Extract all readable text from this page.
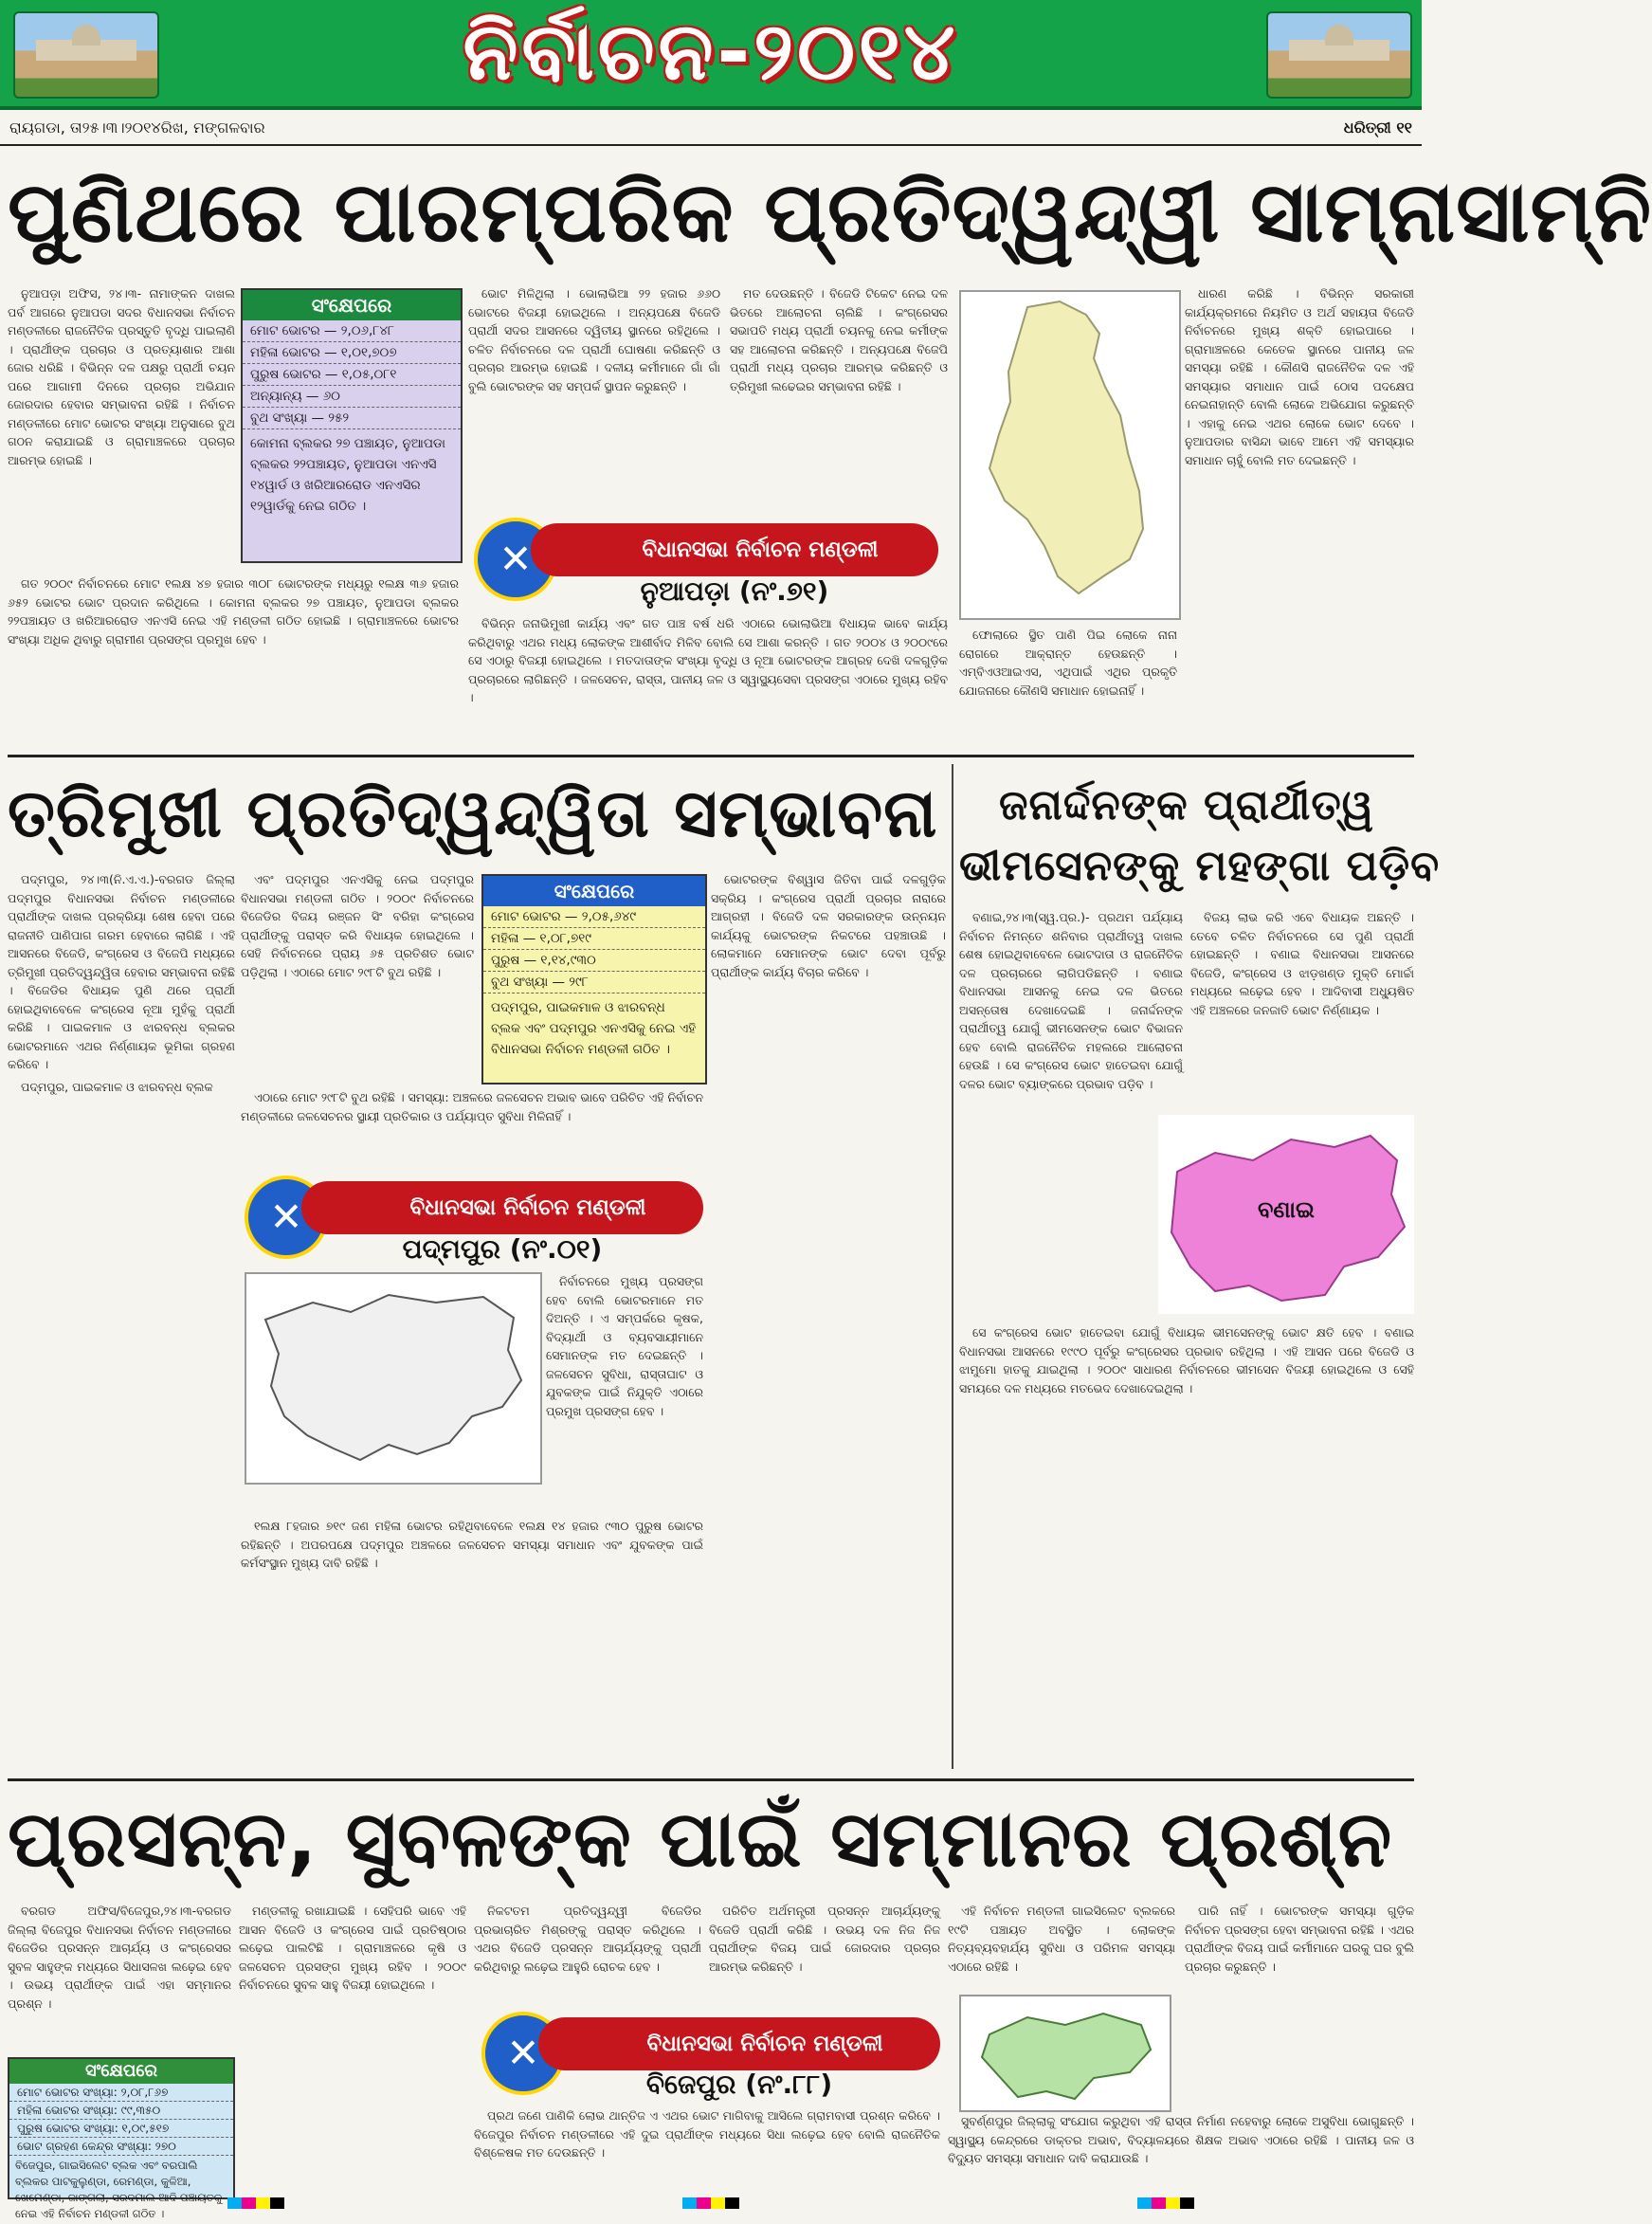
ନିର୍ବାଚନ-୨୦୧୪
ରାୟଗଡା, ତା୨୫।୩।୨୦୧୪ରିଖ, ମଙ୍ଗଳବାର	ଧରିତ୍ରୀ ୧୧
ପୁଣିଥରେ ପାରମ୍ପରିକ ପ୍ରତିଦ୍ୱନ୍ଦ୍ୱୀ ସାମ୍ନାସାମ୍ନି

ନୁଆପଡ଼ା ଅଫିସ, ୨୪।୩- ନାମାଙ୍କନ ଦାଖଲ ପର୍ବ ଆଗରେ ନୁଆପଡା ସଦର ବିଧାନସଭା ନିର୍ବାଚନ ମଣ୍ଡଳୀରେ ରାଜନୈତିକ ପ୍ରସ୍ତୁତି ବୃଦ୍ଧି ପାଇଲାଣି । ପ୍ରାର୍ଥୀଙ୍କ ପ୍ରଚାର ଓ ପ୍ରତ୍ୟାଶାର ଆଶା ଜୋର ଧରିଛି । ବିଭିନ୍ନ ଦଳ ପକ୍ଷରୁ ପ୍ରାର୍ଥୀ ଚୟନ ପରେ ଆଗାମୀ ଦିନରେ ପ୍ରଚାର ଅଭିଯାନ ଜୋରଦାର ହେବାର ସମ୍ଭାବନା ରହିଛି । ନିର୍ବାଚନ ମଣ୍ଡଳୀରେ ମୋଟ ଭୋଟର ସଂଖ୍ୟା ଅନୁସାରେ ବୁଥ ଗଠନ କରାଯାଇଛି ଓ ଗ୍ରାମାଞ୍ଚଳରେ ପ୍ରଚାର ଆରମ୍ଭ ହୋଇଛି ।

ସଂକ୍ଷେପରେ
ମୋଟ ଭୋଟର — ୨,୦୬,୮୪୮
ମହିଳା ଭୋଟର — ୧,୦୧,୭୦୭
ପୁରୁଷ ଭୋଟର — ୧,୦୫,୦୮୧
ଅନ୍ୟାନ୍ୟ — ୬୦
ବୁଥ ସଂଖ୍ୟା — ୨୫୨
କୋମନା ବ୍ଲକର ୨୭ ପଞ୍ଚାୟତ, ନୁଆପଡା ବ୍ଲକର ୨୨ପଞ୍ଚାୟତ, ନୁଆପଡା ଏନଏସି ୧୪ୱାର୍ଡ ଓ ଖରିଆରରୋଡ ଏନଏସିର ୧୨ୱାର୍ଡକୁ ନେଇ ଗଠିତ ।

ଗତ ୨୦୦୯ ନିର୍ବାଚନରେ ମୋଟ ୧ଲକ୍ଷ ୪୭ ହଜାର ୩୦୮ ଭୋଟରଙ୍କ ମଧ୍ୟରୁ ୧ଲକ୍ଷ ୩୬ ହଜାର ୬୫୨ ଭୋଟର ଭୋଟ ପ୍ରଦାନ କରିଥିଲେ । କୋମନା ବ୍ଲକର ୨୭ ପଞ୍ଚାୟତ, ନୁଆପଡା ବ୍ଲକର ୨୨ପଞ୍ଚାୟତ ଓ ଖରିଆରରୋଡ ଏନଏସି ନେଇ ଏହି ମଣ୍ଡଳୀ ଗଠିତ ହୋଇଛି । ଗ୍ରାମାଞ୍ଚଳରେ ଭୋଟର ସଂଖ୍ୟା ଅଧିକ ଥିବାରୁ ଗ୍ରାମୀଣ ପ୍ରସଙ୍ଗ ପ୍ରମୁଖ ହେବ ।

ଭୋଟ ମିଳିଥିଲା । ଭୋଲାଭିଆ ୨୨ ହଜାର ୬୬୦ ଭୋଟରେ ବିଜୟୀ ହୋଇଥିଲେ । ଅନ୍ୟପକ୍ଷେ ବିଜେଡି ପ୍ରାର୍ଥୀ ସଦର ଆସନରେ ଦ୍ୱିତୀୟ ସ୍ଥାନରେ ରହିଥିଲେ । ଚଳିତ ନିର୍ବାଚନରେ ଦଳ ପ୍ରାର୍ଥୀ ଘୋଷଣା କରିଛନ୍ତି ଓ ପ୍ରଚାର ଆରମ୍ଭ ହୋଇଛି । ଦଳୀୟ କର୍ମୀମାନେ ଗାଁ ଗାଁ ବୁଲି ଭୋଟରଙ୍କ ସହ ସମ୍ପର୍କ ସ୍ଥାପନ କରୁଛନ୍ତି ।

ମତ ଦେଉଛନ୍ତି । ବିଜେଡି ଟିକେଟ ନେଇ ଦଳ ଭିତରେ ଆଲୋଚନା ଚାଲିଛି । କଂଗ୍ରେସର ସଭାପତି ମଧ୍ୟ ପ୍ରାର୍ଥୀ ଚୟନକୁ ନେଇ କର୍ମୀଙ୍କ ସହ ଆଲୋଚନା କରିଛନ୍ତି । ଅନ୍ୟପକ୍ଷେ ବିଜେପି ପ୍ରାର୍ଥୀ ମଧ୍ୟ ପ୍ରଚାର ଆରମ୍ଭ କରିଛନ୍ତି ଓ ତ୍ରିମୁଖୀ ଲଢେଇର ସମ୍ଭାବନା ରହିଛି ।

✕
ବିଧାନସଭା ନିର୍ବାଚନ ମଣ୍ଡଳୀ
ନୁଆପଡ଼ା (ନଂ.୭୧)

ବିଭିନ୍ନ ଜନାଭିମୁଖୀ କାର୍ଯ୍ୟ ଏବଂ ଗତ ପାଞ୍ଚ ବର୍ଷ ଧରି ଏଠାରେ ଭୋଲାଭିଆ ବିଧାୟକ ଭାବେ କାର୍ଯ୍ୟ କରିଥିବାରୁ ଏଥର ମଧ୍ୟ ଲୋକଙ୍କ ଆଶୀର୍ବାଦ ମିଳିବ ବୋଲି ସେ ଆଶା କରନ୍ତି । ଗତ ୨୦୦୪ ଓ ୨୦୦୯ରେ ସେ ଏଠାରୁ ବିଜୟୀ ହୋଇଥିଲେ । ମତଦାତାଙ୍କ ସଂଖ୍ୟା ବୃଦ୍ଧି ଓ ନୂଆ ଭୋଟରଙ୍କ ଆଗ୍ରହ ଦେଖି ଦଳଗୁଡ଼ିକ ପ୍ରଚାରରେ ଲାଗିଛନ୍ତି । ଜଳସେଚନ, ରାସ୍ତା, ପାନୀୟ ଜଳ ଓ ସ୍ୱାସ୍ଥ୍ୟସେବା ପ୍ରସଙ୍ଗ ଏଠାରେ ମୁଖ୍ୟ ରହିବ ।

ଫୋଲାରେ ସ୍ଥିତ ପାଣି ପିଇ ଲୋକେ ନାନା ରୋଗରେ ଆକ୍ରାନ୍ତ ହେଉଛନ୍ତି । ଏମ୍ବିଏ‌ଓ‌ଆଇଏସ, ଏଥିପାଇଁ ଏଥିର ପ୍ରକୃତି ଯୋଜନାରେ କୌଣସି ସମାଧାନ ହୋଇନାହିଁ ।

ଧାରଣ କରିଛି । ବିଭିନ୍ନ ସରକାରୀ କାର୍ଯ୍ୟକ୍ରମରେ ନିୟମିତ ଓ ଅର୍ଥ ସହାୟତା ବିଜେଡି ନିର୍ବାଚନରେ ମୁଖ୍ୟ ଶକ୍ତି ହୋଇପାରେ । ଗ୍ରାମାଞ୍ଚଳରେ କେତେକ ସ୍ଥାନରେ ପାନୀୟ ଜଳ ସମସ୍ୟା ରହିଛି । କୌଣସି ରାଜନୈତିକ ଦଳ ଏହି ସମସ୍ୟାର ସମାଧାନ ପାଇଁ ଠୋସ ପଦକ୍ଷେପ ନେଇନାହାନ୍ତି ବୋଲି ଲୋକେ ଅଭିଯୋଗ କରୁଛନ୍ତି । ଏହାକୁ ନେଇ ଏଥର ଲୋକେ ଭୋଟ ଦେବେ । ନୁଆପଡାର ବାସିନ୍ଦା ଭାବେ ଆମେ ଏହି ସମସ୍ୟାର ସମାଧାନ ଚାହୁଁ ବୋଲି ମତ ଦେଇଛନ୍ତି ।

ତ୍ରିମୁଖୀ ପ୍ରତିଦ୍ୱନ୍ଦ୍ୱିତା ସମ୍ଭାବନା

ପଦ୍ମପୁର, ୨୪।୩(ନି.ଏ.ଏ.)-ବରଗଡ ଜିଲ୍ଲା ପଦ୍ମପୁର ବିଧାନସଭା ନିର୍ବାଚନ ମଣ୍ଡଳୀରେ ପ୍ରାର୍ଥୀଙ୍କ ଦାଖଲ ପ୍ରକ୍ରିୟା ଶେଷ ହେବା ପରେ ରାଜନୀତି ପାଣିପାଗ ଗରମ ହେବାରେ ଲାଗିଛି । ଏହି ଆସନରେ ବିଜେଡି, କଂଗ୍ରେସ ଓ ବିଜେପି ମଧ୍ୟରେ ତ୍ରିମୁଖୀ ପ୍ରତିଦ୍ୱନ୍ଦ୍ୱିତା ହେବାର ସମ୍ଭାବନା ରହିଛି । ବିଜେଡିର ବିଧାୟକ ପୁଣି ଥରେ ପ୍ରାର୍ଥୀ ହୋଇଥିବାବେଳେ କଂଗ୍ରେସ ନୂଆ ମୁହଁକୁ ପ୍ରାର୍ଥୀ କରିଛି । ପାଇକମାଳ ଓ ଝାରବନ୍ଧ ବ୍ଲକର ଭୋଟରମାନେ ଏଥର ନିର୍ଣ୍ଣାୟକ ଭୂମିକା ଗ୍ରହଣ କରିବେ ।

ପଦ୍ମପୁର, ପାଇକମାଳ ଓ ଝାରବନ୍ଧ ବ୍ଲକ

ଏବଂ ପଦ୍ମପୁର ଏନଏସିକୁ ନେଇ ପଦ୍ମପୁର ବିଧାନସଭା ମଣ୍ଡଳୀ ଗଠିତ । ୨୦୦୯ ନିର୍ବାଚନରେ ବିଜେଡିର ବିଜୟ ରଞ୍ଜନ ସିଂ ବରିହା କଂଗ୍ରେସ ପ୍ରାର୍ଥୀଙ୍କୁ ପରାସ୍ତ କରି ବିଧାୟକ ହୋଇଥିଲେ । ସେହି ନିର୍ବାଚନରେ ପ୍ରାୟ ୬୫ ପ୍ରତିଶତ ଭୋଟ ପଡ଼ିଥିଲା । ଏଠାରେ ମୋଟ ୨୯୮ଟି ବୁଥ ରହିଛି ।

ସଂକ୍ଷେପରେ
ମୋଟ ଭୋଟର — ୨,୦୫,୬୪୯
ମହିଳା — ୧,୦୮,୭୧୯
ପୁରୁଷ — ୧,୧୪,୯୩୦
ବୁଥ ସଂଖ୍ୟା — ୨୯୮
ପଦ୍ମପୁର, ପାଇକମାଳ ଓ ଝାରବନ୍ଧ ବ୍ଲକ ଏବଂ ପଦ୍ମପୁର ଏନଏସିକୁ ନେଇ ଏହି ବିଧାନସଭା ନିର୍ବାଚନ ମଣ୍ଡଳୀ ଗଠିତ ।

ଏଠାରେ ମୋଟ ୨୯୮ଟି ବୁଥ ରହିଛି । ସମସ୍ୟା: ଅଞ୍ଚଳରେ ଜଳସେଚନ ଅଭାବ ଭାବେ ପରିଚିତ ଏହି ନିର୍ବାଚନ ମଣ୍ଡଳୀରେ ଜଳସେଚନର ସ୍ଥାୟୀ ପ୍ରତିକାର ଓ ପର୍ଯ୍ୟାପ୍ତ ସୁବିଧା ମିଳିନାହିଁ ।

✕
ବିଧାନସଭା ନିର୍ବାଚନ ମଣ୍ଡଳୀ
ପଦ୍ମପୁର (ନଂ.୦୧)

ନିର୍ବାଚନରେ ମୁଖ୍ୟ ପ୍ରସଙ୍ଗ ହେବ ବୋଲି ଭୋଟରମାନେ ମତ ଦିଅନ୍ତି । ଏ ସମ୍ପର୍କରେ କୃଷକ, ବିଦ୍ୟାର୍ଥୀ ଓ ବ୍ୟବସାୟୀମାନେ ସେମାନଙ୍କ ମତ ଦେଇଛନ୍ତି । ଜଳସେଚନ ସୁବିଧା, ରାସ୍ତାଘାଟ ଓ ଯୁବକଙ୍କ ପାଇଁ ନିଯୁକ୍ତି ଏଠାରେ ପ୍ରମୁଖ ପ୍ରସଙ୍ଗ ହେବ ।

୧ଲକ୍ଷ ୮ହଜାର ୭୧୯ ଜଣ ମହିଳା ଭୋଟର ରହିଥିବାବେଳେ ୧ଲକ୍ଷ ୧୪ ହଜାର ୯୩୦ ପୁରୁଷ ଭୋଟର ରହିଛନ୍ତି । ଅପରପକ୍ଷେ ପଦ୍ମପୁର ଅଞ୍ଚଳରେ ଜଳସେଚନ ସମସ୍ୟା ସମାଧାନ ଏବଂ ଯୁବକଙ୍କ ପାଇଁ କର୍ମସଂସ୍ଥାନ ମୁଖ୍ୟ ଦାବି ରହିଛି ।

ଭୋଟରଙ୍କ ବିଶ୍ୱାସ ଜିତିବା ପାଇଁ ଦଳଗୁଡ଼ିକ ସକ୍ରିୟ । କଂଗ୍ରେସ ପ୍ରାର୍ଥୀ ପ୍ରଚାର ନାରାରେ ଆଗ୍ରହୀ । ବିଜେଡି ଦଳ ସରକାରଙ୍କ ଉନ୍ନୟନ କାର୍ଯ୍ୟକୁ ଭୋଟରଙ୍କ ନିକଟରେ ପହଞ୍ଚାଉଛି । ଲୋକମାନେ ସେମାନଙ୍କ ଭୋଟ ଦେବା ପୂର୍ବରୁ ପ୍ରାର୍ଥୀଙ୍କ କାର୍ଯ୍ୟ ବିଚାର କରିବେ ।

ଜନାର୍ଦ୍ଦନଙ୍କ ପ୍ରାର୍ଥୀତ୍ୱ
ଭୀମସେନଙ୍କୁ ମହଙ୍ଗା ପଡ଼ିବ

ବଣାଇ,୨୪।୩(ସ୍ୱ.ପ୍ର.)- ପ୍ରଥମ ପର୍ଯ୍ୟାୟ ନିର୍ବାଚନ ନିମନ୍ତେ ଶନିବାର ପ୍ରାର୍ଥୀତ୍ୱ ଦାଖଲ ଶେଷ ହୋଇଥିବାବେଳେ ଭୋଟଦାତା ଓ ରାଜନୈତିକ ଦଳ ପ୍ରଚାରରେ ଲାଗିପଡିଛନ୍ତି । ବଣାଇ ବିଧାନସଭା ଆସନକୁ ନେଇ ଦଳ ଭିତରେ ଅସନ୍ତୋଷ ଦେଖାଦେଇଛି । ଜନାର୍ଦ୍ଦନଙ୍କ ପ୍ରାର୍ଥୀତ୍ୱ ଯୋଗୁଁ ଭୀମସେନଙ୍କ ଭୋଟ ବିଭାଜନ ହେବ ବୋଲି ରାଜନୈତିକ ମହଲରେ ଆଲୋଚନା ହେଉଛି । ସେ କଂଗ୍ରେସ ଭୋଟ ହାତେଇବା ଯୋଗୁଁ ଦଳର ଭୋଟ ବ୍ୟାଙ୍କରେ ପ୍ରଭାବ ପଡ଼ିବ ।

ବିଜୟ ଲାଭ କରି ଏବେ ବିଧାୟକ ଅଛନ୍ତି । ତେବେ ଚଳିତ ନିର୍ବାଚନରେ ସେ ପୁଣି ପ୍ରାର୍ଥୀ ହୋଇଛନ୍ତି । ବଣାଇ ବିଧାନସଭା ଆସନରେ ବିଜେଡି, କଂଗ୍ରେସ ଓ ଝାଡ଼ଖଣ୍ଡ ମୁକ୍ତି ମୋର୍ଚ୍ଚା ମଧ୍ୟରେ ଲଢ଼େଇ ହେବ । ଆଦିବାସୀ ଅଧ୍ୟୁଷିତ ଏହି ଅଞ୍ଚଳରେ ଜନଜାତି ଭୋଟ ନିର୍ଣ୍ଣାୟକ ।

ବଣାଇ

ସେ କଂଗ୍ରେସ ଭୋଟ ହାତେଇବା ଯୋଗୁଁ ବିଧାୟକ ଭୀମସେନଙ୍କୁ ଭୋଟ କ୍ଷତି ହେବ । ବଣାଇ ବିଧାନସଭା ଆସନରେ ୧୯୯୦ ପୂର୍ବରୁ କଂଗ୍ରେସର ପ୍ରଭାବ ରହିଥିଲା । ଏହି ଆସନ ପରେ ବିଜେଡି ଓ ଝାମୁମୋ ହାତକୁ ଯାଇଥିଲା । ୨୦୦୯ ସାଧାରଣ ନିର୍ବାଚନରେ ଭୀମସେନ ବିଜୟୀ ହୋଇଥିଲେ ଓ ସେହି ସମୟରେ ଦଳ ମଧ୍ୟରେ ମତଭେଦ ଦେଖାଦେଇଥିଲା ।

ପ୍ରସନ୍ନ, ସୁବଳଙ୍କ ପାଇଁ ସମ୍ମାନର ପ୍ରଶ୍ନ

ବରଗଡ ଅଫିସ/ବିଜେପୁର,୨୪।୩-ବରଗଡ ଜିଲ୍ଲା ବିଜେପୁର ବିଧାନସଭା ନିର୍ବାଚନ ମଣ୍ଡଳୀରେ ବିଜେଡିର ପ୍ରସନ୍ନ ଆଚାର୍ଯ୍ୟ ଓ କଂଗ୍ରେସର ସୁବଳ ସାହୁଙ୍କ ମଧ୍ୟରେ ସିଧାସଳଖ ଲଢ଼େଇ ହେବ । ଉଭୟ ପ୍ରାର୍ଥୀଙ୍କ ପାଇଁ ଏହା ସମ୍ମାନର ପ୍ରଶ୍ନ ।

ସଂକ୍ଷେପରେ
ମୋଟ ଭୋଟର ସଂଖ୍ୟା: ୨,୦୮,୮୬୭
ମହିଳା ଭୋଟର ସଂଖ୍ୟା: ୯୯,୩୫୦
ପୁରୁଷ ଭୋଟର ସଂଖ୍ୟା: ୧,୦୯,୫୧୭
ଭୋଟ ଗ୍ରହଣ କେନ୍ଦ୍ର ସଂଖ୍ୟା: ୨୭୦
ବିଜେପୁର, ଗାଇସିଲେଟ ବ୍ଲକ ଏବଂ ବରପାଲି ବ୍ଲକର ପାଟକୁଲୁଣ୍ଡା, ରେମଣ୍ଡା, କୁଳିଆ, ଖେମେଣ୍ଡା, ଜାଙ୍ଗଲା, ସରଦମାଲ ଆଦି ପଞ୍ଚାୟତକୁ ନେଇ ଏହି ନିର୍ବାଚନ ମଣ୍ଡଳୀ ଗଠିତ ।

ମଣ୍ଡଳୀକୁ ରଖାଯାଇଛି । ସେହିପରି ଭାବେ ଏହି ଆସନ ବିଜେଡି ଓ କଂଗ୍ରେସ ପାଇଁ ପ୍ରତିଷ୍ଠାର ଲଢ଼େଇ ପାଲଟିଛି । ଗ୍ରାମାଞ୍ଚଳରେ କୃଷି ଓ ଜଳସେଚନ ପ୍ରସଙ୍ଗ ମୁଖ୍ୟ ରହିବ । ୨୦୦୯ ନିର୍ବାଚନରେ ସୁବଳ ସାହୁ ବିଜୟୀ ହୋଇଥିଲେ ।

ନିକଟତମ ପ୍ରତିଦ୍ୱନ୍ଦ୍ୱୀ ବିଜେଡିର ପ୍ରଭାଚାରିତ ମିଶ୍ରଙ୍କୁ ପରାସ୍ତ କରିଥିଲେ । ଏଥର ବିଜେଡି ପ୍ରସନ୍ନ ଆଚାର୍ଯ୍ୟଙ୍କୁ ପ୍ରାର୍ଥୀ କରିଥିବାରୁ ଲଢ଼େଇ ଆହୁରି ରୋଚକ ହେବ ।

ପରିଚିତ ଅର୍ଥମନ୍ତ୍ରୀ ପ୍ରସନ୍ନ ଆଚାର୍ଯ୍ୟଙ୍କୁ ବିଜେଡି ପ୍ରାର୍ଥୀ କରିଛି । ଉଭୟ ଦଳ ନିଜ ନିଜ ପ୍ରାର୍ଥୀଙ୍କ ବିଜୟ ପାଇଁ ଜୋରଦାର ପ୍ରଚାର ଆରମ୍ଭ କରିଛନ୍ତି ।

✕
ବିଧାନସଭା ନିର୍ବାଚନ ମଣ୍ଡଳୀ
ବିଜେପୁର (ନଂ.୮୮)

ପ୍ରଥ ଜଣେ ପାଣିକି ଲୋଭ ଥାନ୍ତିଜ ଏ ଏଥର ଭୋଟ ମାଗିବାକୁ ଆସିଲେ ଗ୍ରାମବାସୀ ପ୍ରଶ୍ନ କରିବେ । ବିଜେପୁର ନିର୍ବାଚନ ମଣ୍ଡଳୀରେ ଏହି ଦୁଇ ପ୍ରାର୍ଥୀଙ୍କ ମଧ୍ୟରେ ସିଧା ଲଢ଼େଇ ହେବ ବୋଲି ରାଜନୈତିକ ବିଶ୍ଳେଷକ ମତ ଦେଉଛନ୍ତି ।

ଏହି ନିର୍ବାଚନ ମଣ୍ଡଳୀ ଗାଇସିଲେଟ ବ୍ଲକରେ ୧୯ଟି ପଞ୍ଚାୟତ ଅବସ୍ଥିତ । ଲୋକଙ୍କ ନିତ୍ୟବ୍ୟବହାର୍ଯ୍ୟ ସୁବିଧା ଓ ପରିମଳ ସମସ୍ୟା ଏଠାରେ ରହିଛି ।

ପାରି ନାହିଁ । ଭୋଟରଙ୍କ ସମସ୍ୟା ଗୁଡ଼ିକ ନିର୍ବାଚନ ପ୍ରସଙ୍ଗ ହେବା ସମ୍ଭାବନା ରହିଛି । ଏଥର ପ୍ରାର୍ଥୀଙ୍କ ବିଜୟ ପାଇଁ କର୍ମୀମାନେ ଘରକୁ ଘର ବୁଲି ପ୍ରଚାର କରୁଛନ୍ତି ।

ସୁବର୍ଣ୍ଣପୁର ଜିଲ୍ଲାକୁ ସଂଯୋଗ କରୁଥିବା ଏହି ରାସ୍ତା ନିର୍ମାଣ ନହେବାରୁ ଲୋକେ ଅସୁବିଧା ଭୋଗୁଛନ୍ତି । ସ୍ୱାସ୍ଥ୍ୟ କେନ୍ଦ୍ରରେ ଡାକ୍ତର ଅଭାବ, ବିଦ୍ୟାଳୟରେ ଶିକ୍ଷକ ଅଭାବ ଏଠାରେ ରହିଛି । ପାନୀୟ ଜଳ ଓ ବିଦ୍ୟୁତ ସମସ୍ୟା ସମାଧାନ ଦାବି କରାଯାଉଛି ।
